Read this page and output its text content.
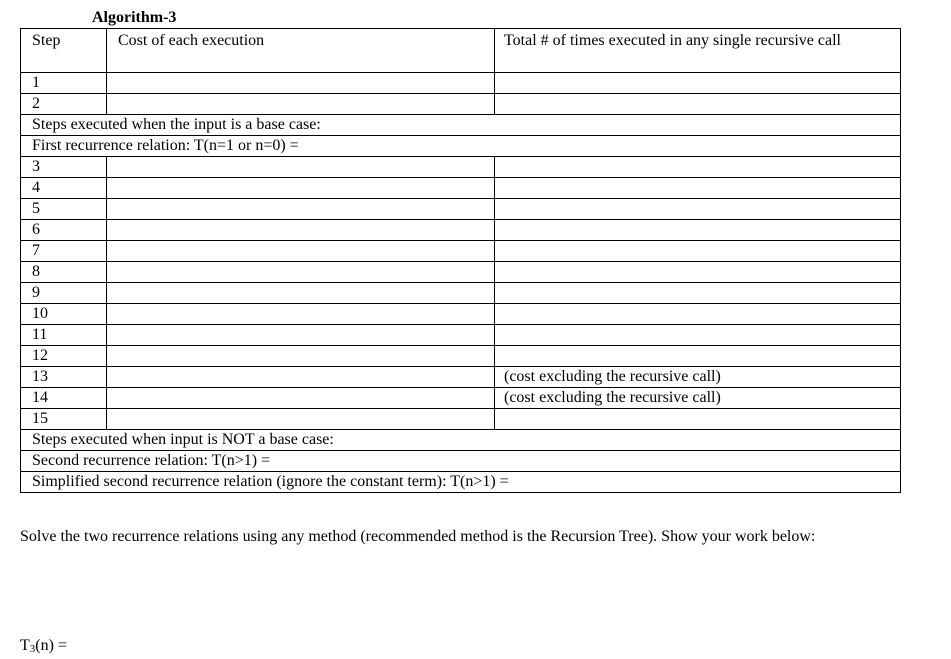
Algorithm-3
Step	Cost of each execution	Total # of times executed in any single recursive call
1		
2		
Steps executed when the input is a base case:		
First recurrence relation: T(n=1 or n=0) =		
3		
4		
5		
6		
7		
8		
9		
10		
11		
12		
13		(cost excluding the recursive call)
14		(cost excluding the recursive call)
15		
Steps executed when input is NOT a base case:		
Second recurrence relation: T(n>1) =		
Simplified second recurrence relation (ignore the constant term): T(n>1) =		
Solve the two recurrence relations using any method (recommended method is the Recursion Tree). Show your work below:
$T_3(n)$ =
